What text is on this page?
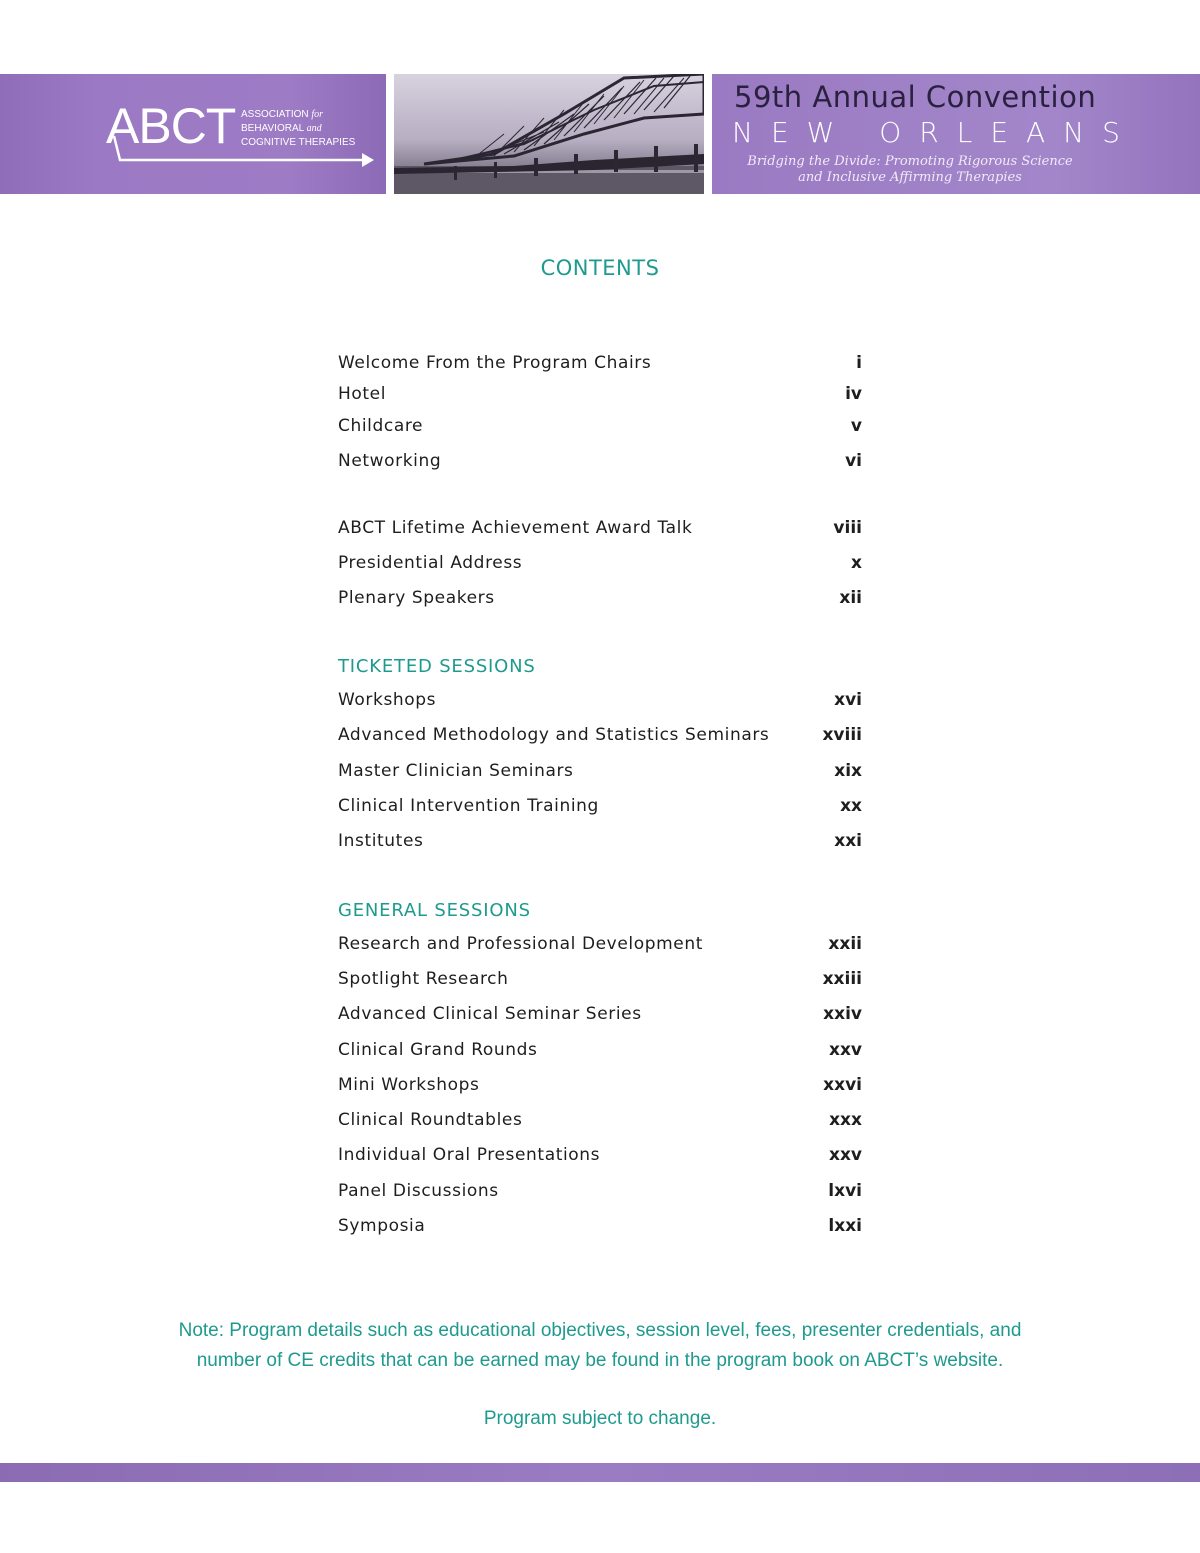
ABCT ASSOCIATION for
BEHAVIORAL and
COGNITIVE THERAPIES
59th Annual Convention
NEW ORLEANS
Bridging the Divide: Promoting Rigorous Science
and Inclusive Affirming Therapies
CONTENTS
Welcome From the Program Chairs	i
Hotel	iv
Childcare	v
Networking	vi
ABCT Lifetime Achievement Award Talk	viii
Presidential Address	x
Plenary Speakers	xii
TICKETED SESSIONS
Workshops	xvi
Advanced Methodology and Statistics Seminars	xviii
Master Clinician Seminars	xix
Clinical Intervention Training	xx
Institutes	xxi
GENERAL SESSIONS
Research and Professional Development	xxii
Spotlight Research	xxiii
Advanced Clinical Seminar Series	xxiv
Clinical Grand Rounds	xxv
Mini Workshops	xxvi
Clinical Roundtables	xxx
Individual Oral Presentations	xxv
Panel Discussions	lxvi
Symposia	lxxi
Note: Program details such as educational objectives, session level, fees, presenter credentials, and
number of CE credits that can be earned may be found in the program book on ABCT’s website.
Program subject to change.
